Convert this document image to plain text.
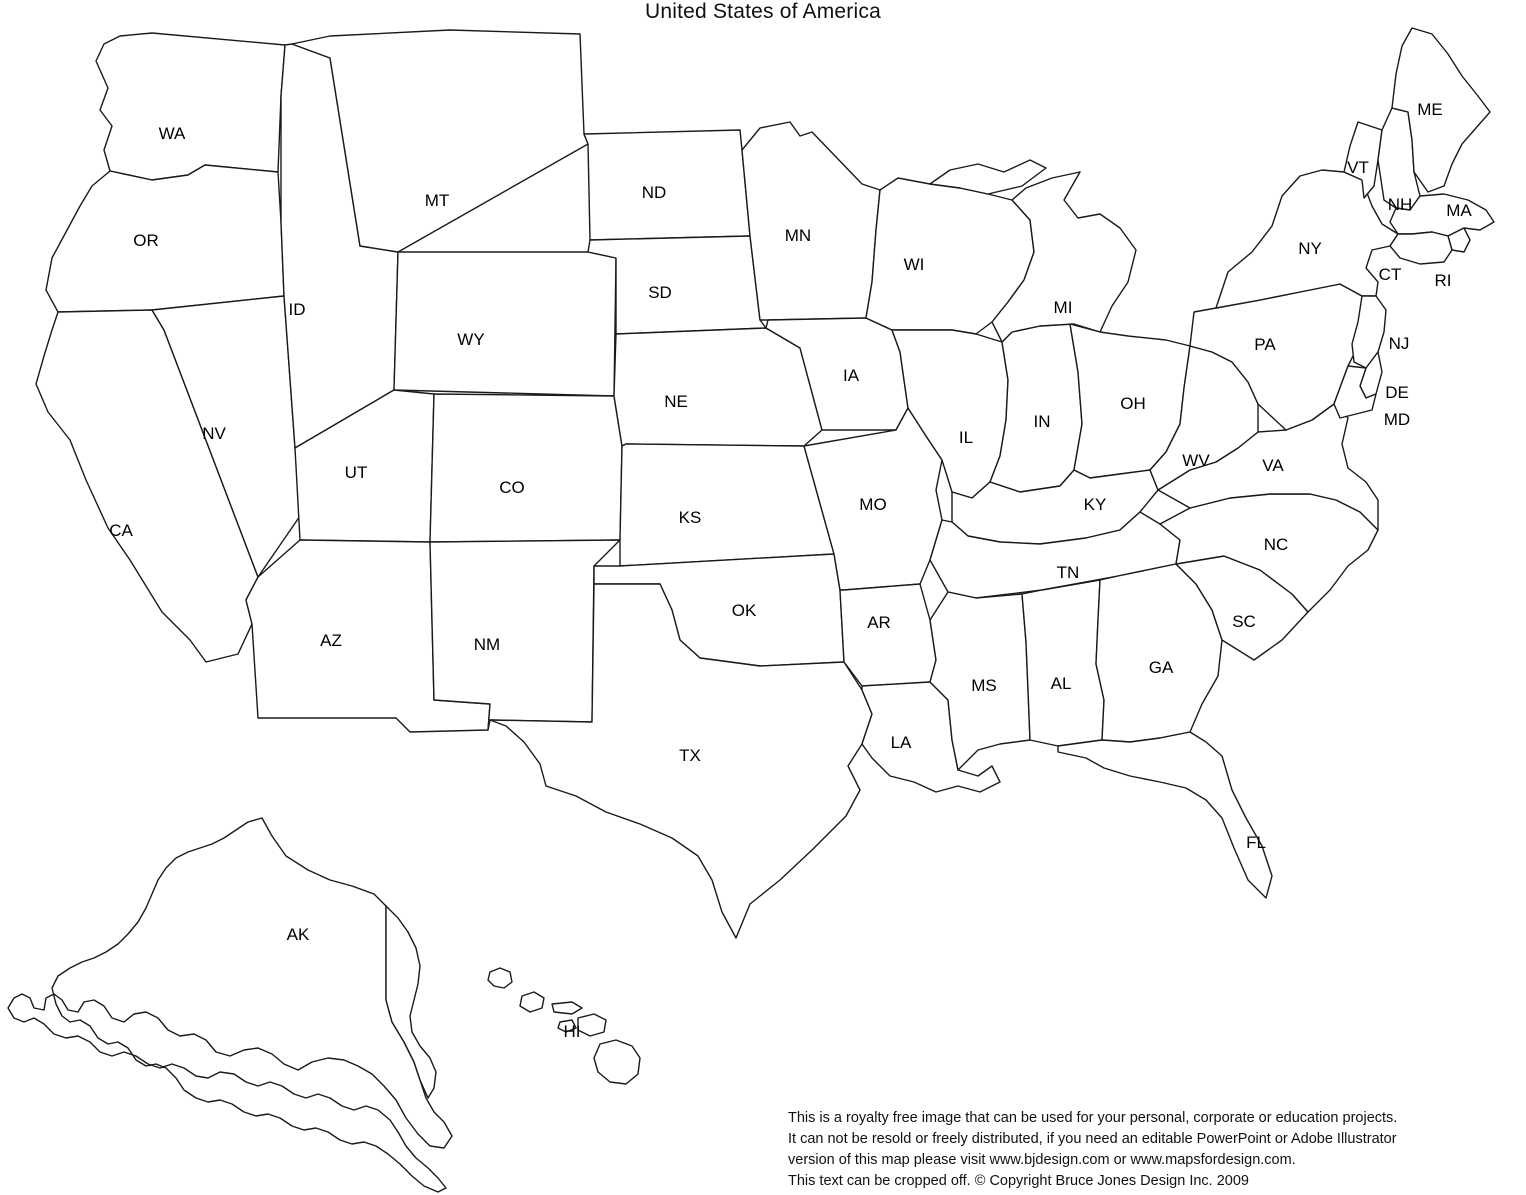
United States of America
WA
OR
MT
ID
ND
MN
SD
WY
WI
MI
NE
IA
NV
UT
CO
IL
IN
OH
PA
NY
VT
NH
ME
MA
CT RI
NJ
DE
MD
WV	VA
KY
CA
KS
MO
NC
TN
OK
AR	SC
AZ	NM
GA
MS	AL
LA
TX
FL
AK
HI
This is a royalty free image that can be used for your personal, corporate or education projects.
It can not be resold or freely distributed, if you need an editable PowerPoint or Adobe Illustrator
version of this map please visit www.bjdesign.com or www.mapsfordesign.com.
This text can be cropped off. © Copyright Bruce Jones Design Inc. 2009
